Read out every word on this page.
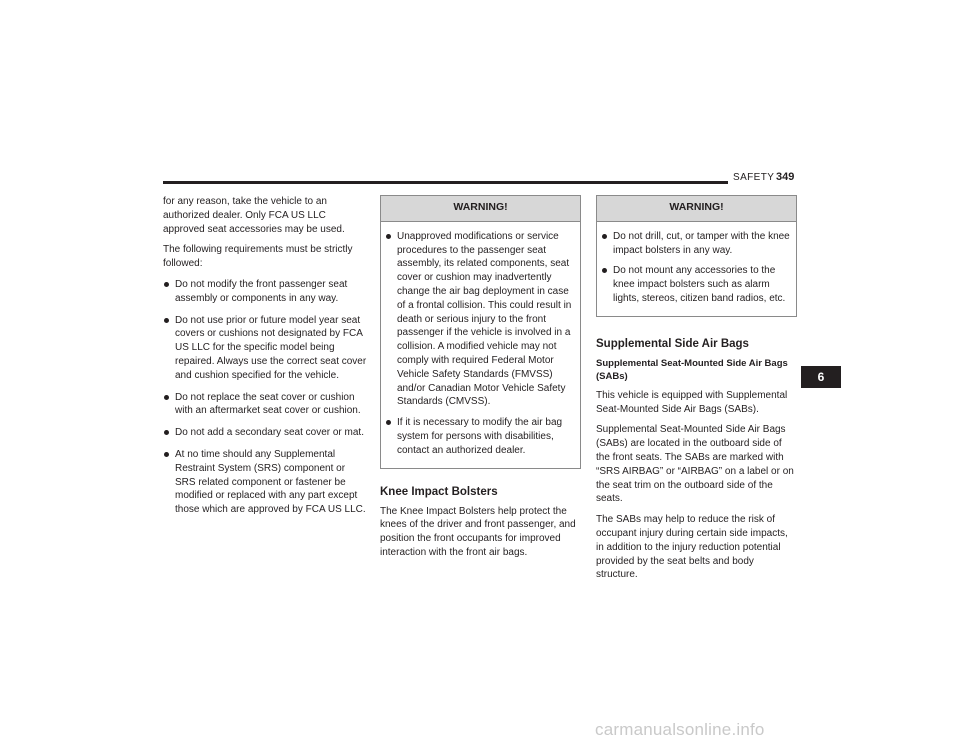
SAFETY 349

for any reason, take the vehicle to an authorized dealer. Only FCA US LLC approved seat accessories may be used.

The following requirements must be strictly followed:

Do not modify the front passenger seat assembly or components in any way.
Do not use prior or future model year seat covers or cushions not designated by FCA US LLC for the specific model being repaired. Always use the correct seat cover and cushion specified for the vehicle.
Do not replace the seat cover or cushion with an aftermarket seat cover or cushion.
Do not add a secondary seat cover or mat.
At no time should any Supplemental Restraint System (SRS) component or SRS related component or fastener be modified or replaced with any part except those which are approved by FCA US LLC.
WARNING!
Unapproved modifications or service procedures to the passenger seat assembly, its related components, seat cover or cushion may inadvertently change the air bag deployment in case of a frontal collision. This could result in death or serious injury to the front passenger if the vehicle is involved in a collision. A modified vehicle may not comply with required Federal Motor Vehicle Safety Standards (FMVSS) and/or Canadian Motor Vehicle Safety Standards (CMVSS).
If it is necessary to modify the air bag system for persons with disabilities, contact an authorized dealer.
Knee Impact Bolsters

The Knee Impact Bolsters help protect the knees of the driver and front passenger, and position the front occupants for improved interaction with the front air bags.

WARNING!
Do not drill, cut, or tamper with the knee impact bolsters in any way.
Do not mount any accessories to the knee impact bolsters such as alarm lights, stereos, citizen band radios, etc.
Supplemental Side Air Bags
Supplemental Seat-Mounted Side Air Bags (SABs)

This vehicle is equipped with Supplemental Seat-Mounted Side Air Bags (SABs).

Supplemental Seat-Mounted Side Air Bags (SABs) are located in the outboard side of the front seats. The SABs are marked with “SRS AIRBAG” or “AIRBAG” on a label or on the seat trim on the outboard side of the seats.

The SABs may help to reduce the risk of occupant injury during certain side impacts, in addition to the injury reduction potential provided by the seat belts and body structure.

6
carmanualsonline.info
